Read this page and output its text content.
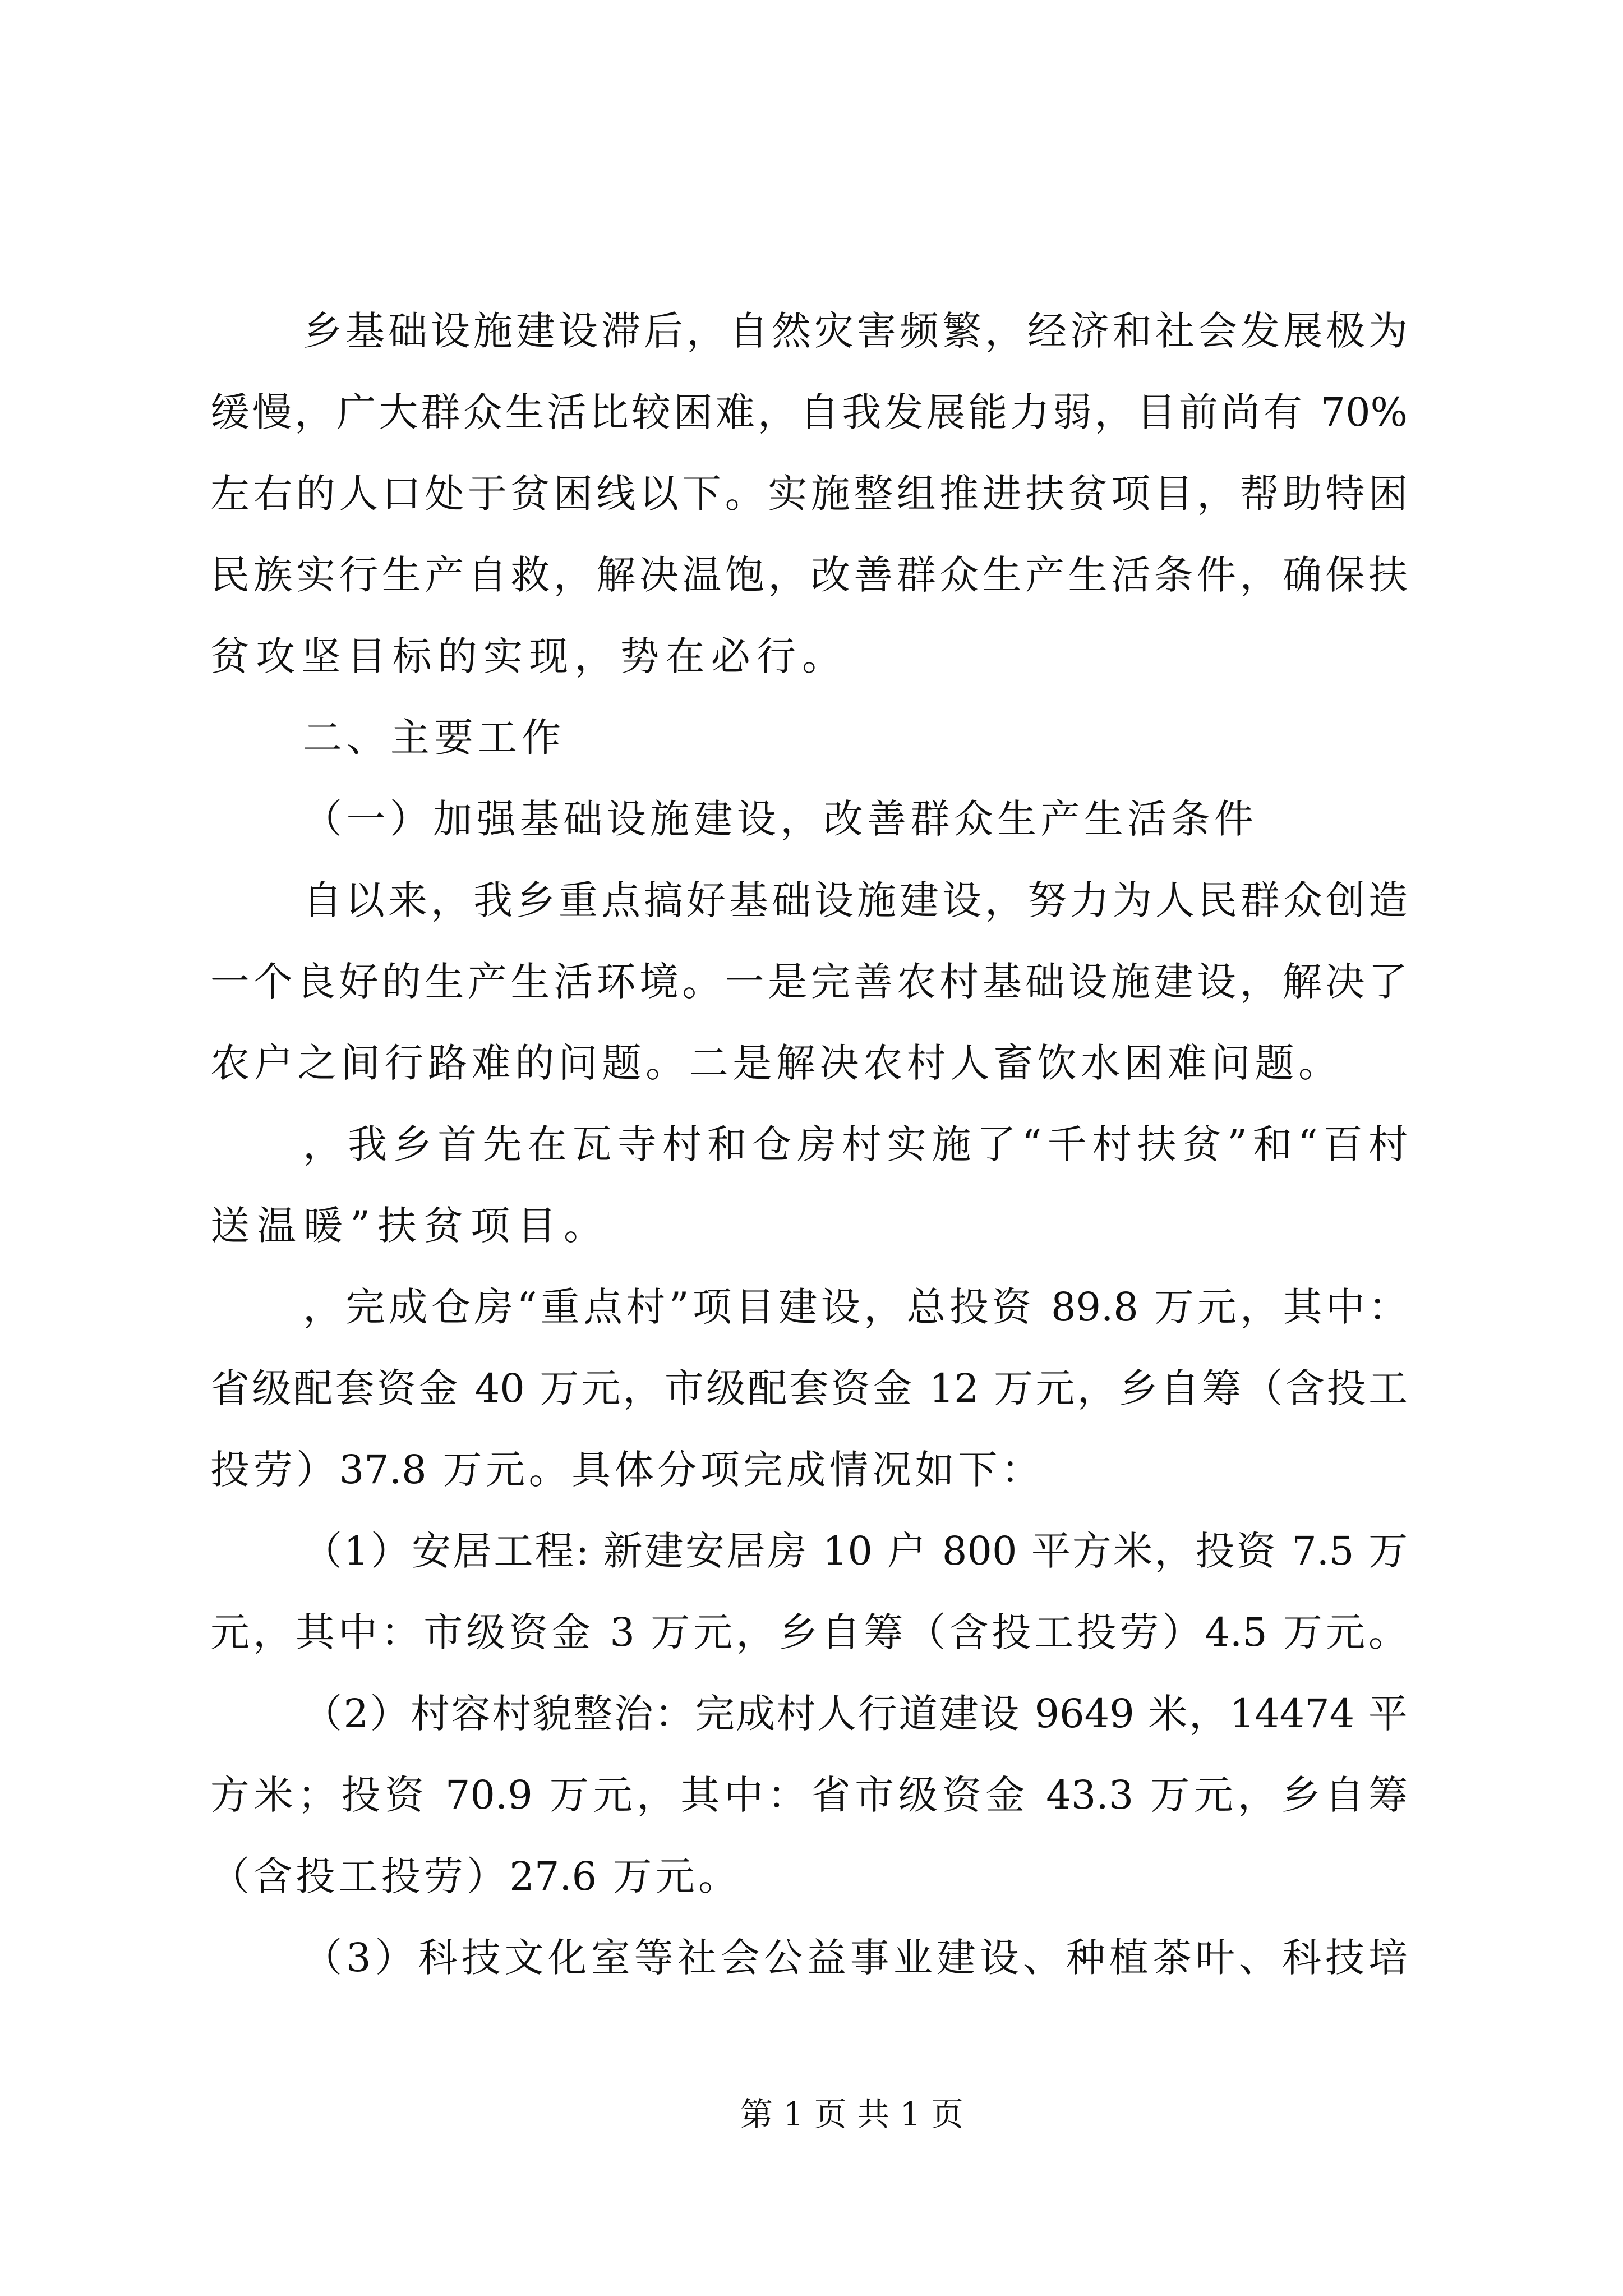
乡基础设施建设滞后，自然灾害频繁，经济和社会发展极为
缓慢，广大群众生活比较困难，自我发展能力弱，目前尚有 70%
左右的人口处于贫困线以下。实施整组推进扶贫项目，帮助特困
民族实行生产自救，解决温饱，改善群众生产生活条件，确保扶
贫攻坚目标的实现，势在必行。
二、主要工作
（一）加强基础设施建设，改善群众生产生活条件
自以来，我乡重点搞好基础设施建设，努力为人民群众创造
一个良好的生产生活环境。一是完善农村基础设施建设，解决了
农户之间行路难的问题。二是解决农村人畜饮水困难问题。
，我乡首先在瓦寺村和仓房村实施了“千村扶贫”和“百村
送温暖”扶贫项目。
，完成仓房“重点村”项目建设，总投资 89.8 万元，其中：
省级配套资金 40 万元，市级配套资金 12 万元，乡自筹（含投工
投劳）37.8 万元。具体分项完成情况如下：
（1）安居工程: 新建安居房 10 户 800 平方米，投资 7.5 万
元，其中：市级资金 3 万元，乡自筹（含投工投劳）4.5 万元。
（2）村容村貌整治：完成村人行道建设 9649 米，14474 平
方米；投资 70.9 万元，其中：省市级资金 43.3 万元，乡自筹
（含投工投劳）27.6 万元。
（3）科技文化室等社会公益事业建设、种植茶叶、科技培
第 1 页 共 1 页
